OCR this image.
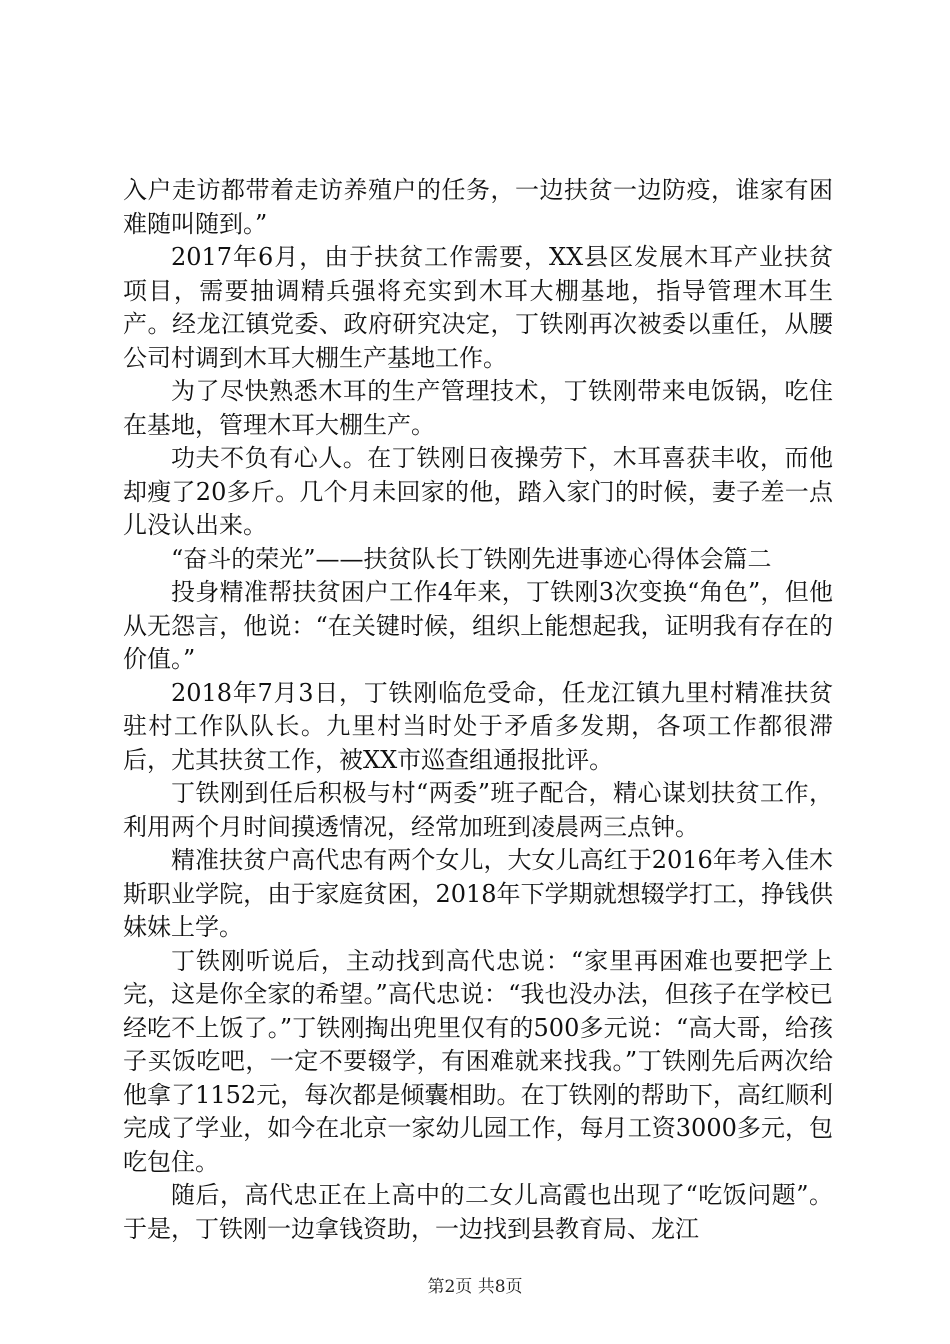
入户走访都带着走访养殖户的任务，一边扶贫一边防疫，谁家有困难随叫随到。”

2017年6月，由于扶贫工作需要，XX县区发展木耳产业扶贫项目，需要抽调精兵强将充实到木耳大棚基地，指导管理木耳生产。经龙江镇党委、政府研究决定，丁铁刚再次被委以重任，从腰公司村调到木耳大棚生产基地工作。

为了尽快熟悉木耳的生产管理技术，丁铁刚带来电饭锅，吃住在基地，管理木耳大棚生产。

功夫不负有心人。在丁铁刚日夜操劳下，木耳喜获丰收，而他却瘦了20多斤。几个月未回家的他，踏入家门的时候，妻子差一点儿没认出来。

“奋斗的荣光”——扶贫队长丁铁刚先进事迹心得体会篇二

投身精准帮扶贫困户工作4年来，丁铁刚3次变换“角色”，但他从无怨言，他说：“在关键时候，组织上能想起我，证明我有存在的价值。”

2018年7月3日，丁铁刚临危受命，任龙江镇九里村精准扶贫驻村工作队队长。九里村当时处于矛盾多发期，各项工作都很滞后，尤其扶贫工作，被XX市巡查组通报批评。

丁铁刚到任后积极与村“两委”班子配合，精心谋划扶贫工作，利用两个月时间摸透情况，经常加班到凌晨两三点钟。

精准扶贫户高代忠有两个女儿，大女儿高红于2016年考入佳木斯职业学院，由于家庭贫困，2018年下学期就想辍学打工，挣钱供妹妹上学。

丁铁刚听说后，主动找到高代忠说：“家里再困难也要把学上完，这是你全家的希望。”高代忠说：“我也没办法，但孩子在学校已经吃不上饭了。”丁铁刚掏出兜里仅有的500多元说：“高大哥，给孩子买饭吃吧，一定不要辍学，有困难就来找我。”丁铁刚先后两次给他拿了1152元，每次都是倾囊相助。在丁铁刚的帮助下，高红顺利完成了学业，如今在北京一家幼儿园工作，每月工资3000多元，包吃包住。

随后，高代忠正在上高中的二女儿高霞也出现了“吃饭问题”。于是，丁铁刚一边拿钱资助，一边找到县教育局、龙江

第2页 共8页
